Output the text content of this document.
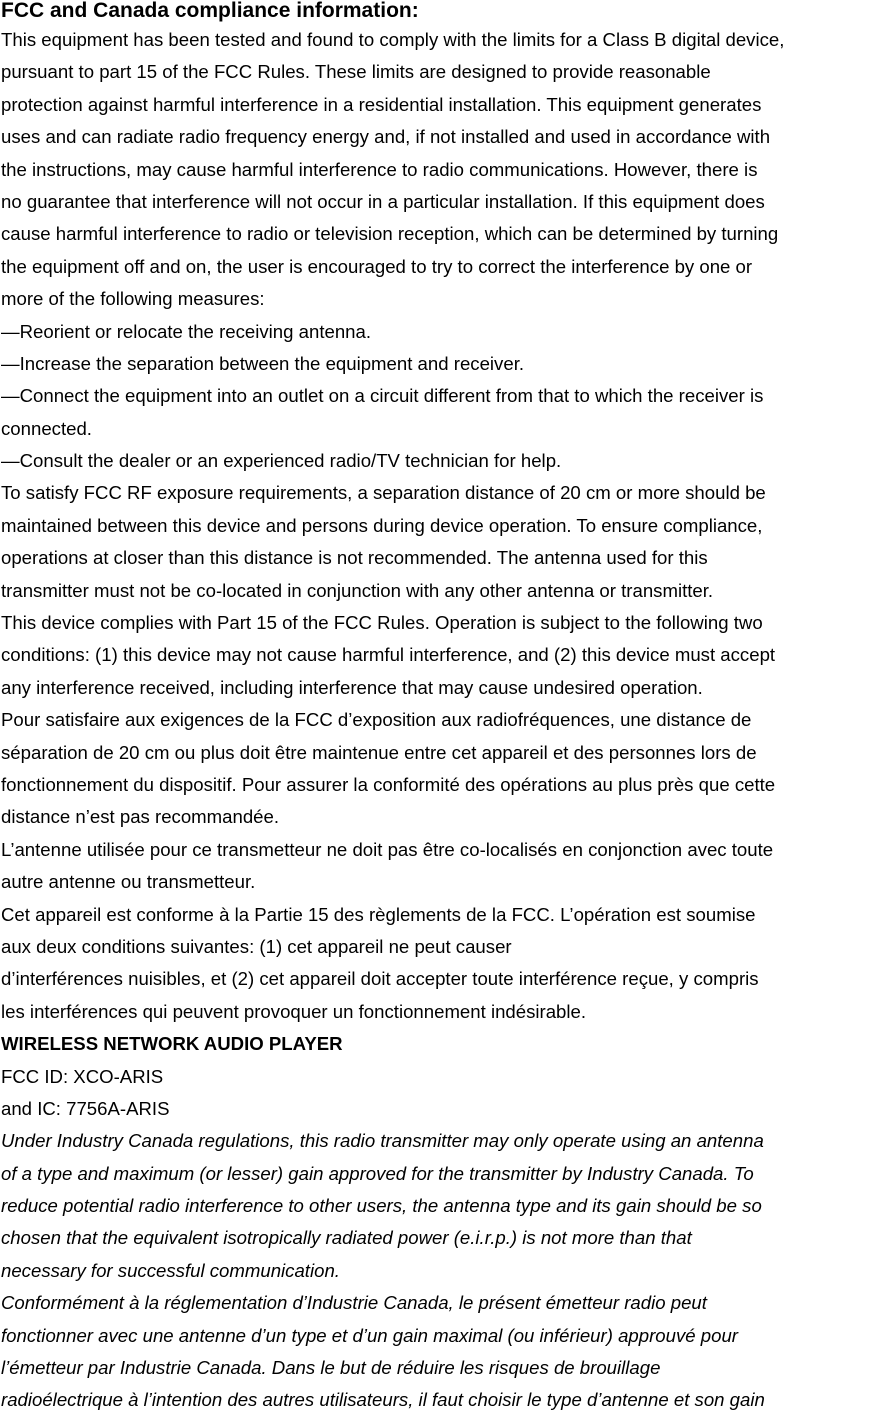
FCC and Canada compliance information:

This equipment has been tested and found to comply with the limits for a Class B digital device,

pursuant to part 15 of the FCC Rules. These limits are designed to provide reasonable

protection against harmful interference in a residential installation. This equipment generates

uses and can radiate radio frequency energy and, if not installed and used in accordance with

the instructions, may cause harmful interference to radio communications. However, there is

no guarantee that interference will not occur in a particular installation. If this equipment does

cause harmful interference to radio or television reception, which can be determined by turning

the equipment off and on, the user is encouraged to try to correct the interference by one or

more of the following measures:

—Reorient or relocate the receiving antenna.

—Increase the separation between the equipment and receiver.

—Connect the equipment into an outlet on a circuit different from that to which the receiver is

connected.

—Consult the dealer or an experienced radio/TV technician for help.

To satisfy FCC RF exposure requirements, a separation distance of 20 cm or more should be

maintained between this device and persons during device operation. To ensure compliance,

operations at closer than this distance is not recommended. The antenna used for this

transmitter must not be co-located in conjunction with any other antenna or transmitter.

This device complies with Part 15 of the FCC Rules. Operation is subject to the following two

conditions: (1) this device may not cause harmful interference, and (2) this device must accept

any interference received, including interference that may cause undesired operation.

Pour satisfaire aux exigences de la FCC d’exposition aux radiofréquences, une distance de

séparation de 20 cm ou plus doit être maintenue entre cet appareil et des personnes lors de

fonctionnement du dispositif. Pour assurer la conformité des opérations au plus près que cette

distance n’est pas recommandée.

L’antenne utilisée pour ce transmetteur ne doit pas être co-localisés en conjonction avec toute

autre antenne ou transmetteur.

Cet appareil est conforme à la Partie 15 des règlements de la FCC. L’opération est soumise

aux deux conditions suivantes: (1) cet appareil ne peut causer

d’interférences nuisibles, et (2) cet appareil doit accepter toute interférence reçue, y compris

les interférences qui peuvent provoquer un fonctionnement indésirable.

WIRELESS NETWORK AUDIO PLAYER

FCC ID: XCO-ARIS

and IC: 7756A-ARIS

Under Industry Canada regulations, this radio transmitter may only operate using an antenna

of a type and maximum (or lesser) gain approved for the transmitter by Industry Canada. To

reduce potential radio interference to other users, the antenna type and its gain should be so

chosen that the equivalent isotropically radiated power (e.i.r.p.) is not more than that

necessary for successful communication.

Conformément à la réglementation d’Industrie Canada, le présent émetteur radio peut

fonctionner avec une antenne d’un type et d’un gain maximal (ou inférieur) approuvé pour

l’émetteur par Industrie Canada. Dans le but de réduire les risques de brouillage

radioélectrique à l’intention des autres utilisateurs, il faut choisir le type d’antenne et son gain
